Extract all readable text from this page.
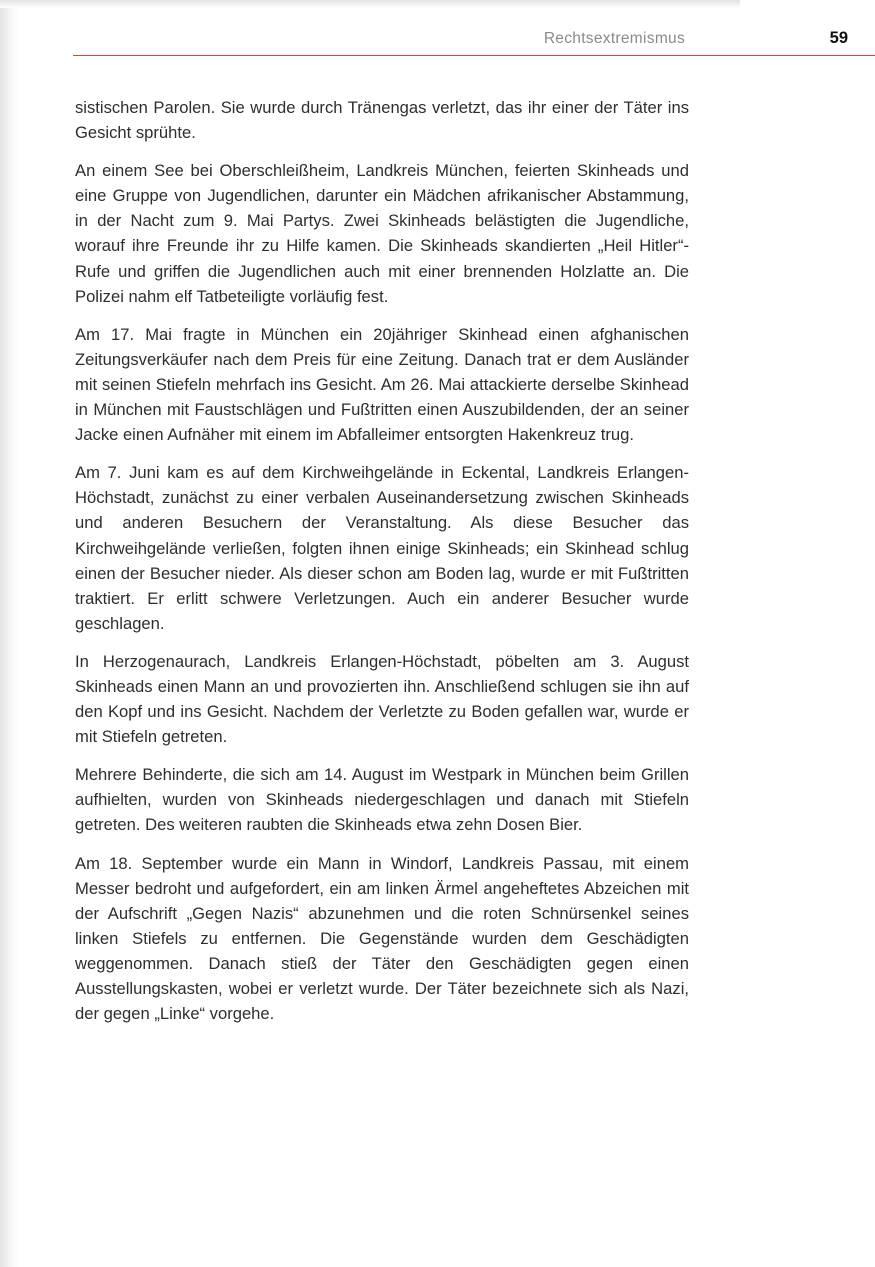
Rechtsextremismus	59

sistischen Parolen. Sie wurde durch Tränengas verletzt, das ihr einer der Täter ins Gesicht sprühte.

An einem See bei Oberschleißheim, Landkreis München, feierten Skinheads und eine Gruppe von Jugendlichen, darunter ein Mädchen afrikanischer Abstammung, in der Nacht zum 9. Mai Partys. Zwei Skinheads belästigten die Jugendliche, worauf ihre Freunde ihr zu Hilfe kamen. Die Skinheads skandierten „Heil Hitler“-Rufe und griffen die Jugendlichen auch mit einer brennenden Holzlatte an. Die Polizei nahm elf Tatbeteiligte vorläufig fest.

Am 17. Mai fragte in München ein 20jähriger Skinhead einen afghanischen Zeitungsverkäufer nach dem Preis für eine Zeitung. Danach trat er dem Ausländer mit seinen Stiefeln mehrfach ins Gesicht. Am 26. Mai attackierte derselbe Skinhead in München mit Faustschlägen und Fußtritten einen Auszubildenden, der an seiner Jacke einen Aufnäher mit einem im Abfalleimer entsorgten Hakenkreuz trug.

Am 7. Juni kam es auf dem Kirchweihgelände in Eckental, Landkreis Erlangen-Höchstadt, zunächst zu einer verbalen Auseinandersetzung zwischen Skinheads und anderen Besuchern der Veranstaltung. Als diese Besucher das Kirchweihgelände verließen, folgten ihnen einige Skinheads; ein Skinhead schlug einen der Besucher nieder. Als dieser schon am Boden lag, wurde er mit Fußtritten traktiert. Er erlitt schwere Verletzungen. Auch ein anderer Besucher wurde geschlagen.

In Herzogenaurach, Landkreis Erlangen-Höchstadt, pöbelten am 3. August Skinheads einen Mann an und provozierten ihn. Anschließend schlugen sie ihn auf den Kopf und ins Gesicht. Nachdem der Verletzte zu Boden gefallen war, wurde er mit Stiefeln getreten.

Mehrere Behinderte, die sich am 14. August im Westpark in München beim Grillen aufhielten, wurden von Skinheads niedergeschlagen und danach mit Stiefeln getreten. Des weiteren raubten die Skinheads etwa zehn Dosen Bier.

Am 18. September wurde ein Mann in Windorf, Landkreis Passau, mit einem Messer bedroht und aufgefordert, ein am linken Ärmel angeheftetes Abzeichen mit der Aufschrift „Gegen Nazis“ abzunehmen und die roten Schnürsenkel seines linken Stiefels zu entfernen. Die Gegenstände wurden dem Geschädigten weggenommen. Danach stieß der Täter den Geschädigten gegen einen Ausstellungskasten, wobei er verletzt wurde. Der Täter bezeichnete sich als Nazi, der gegen „Linke“ vorgehe.
